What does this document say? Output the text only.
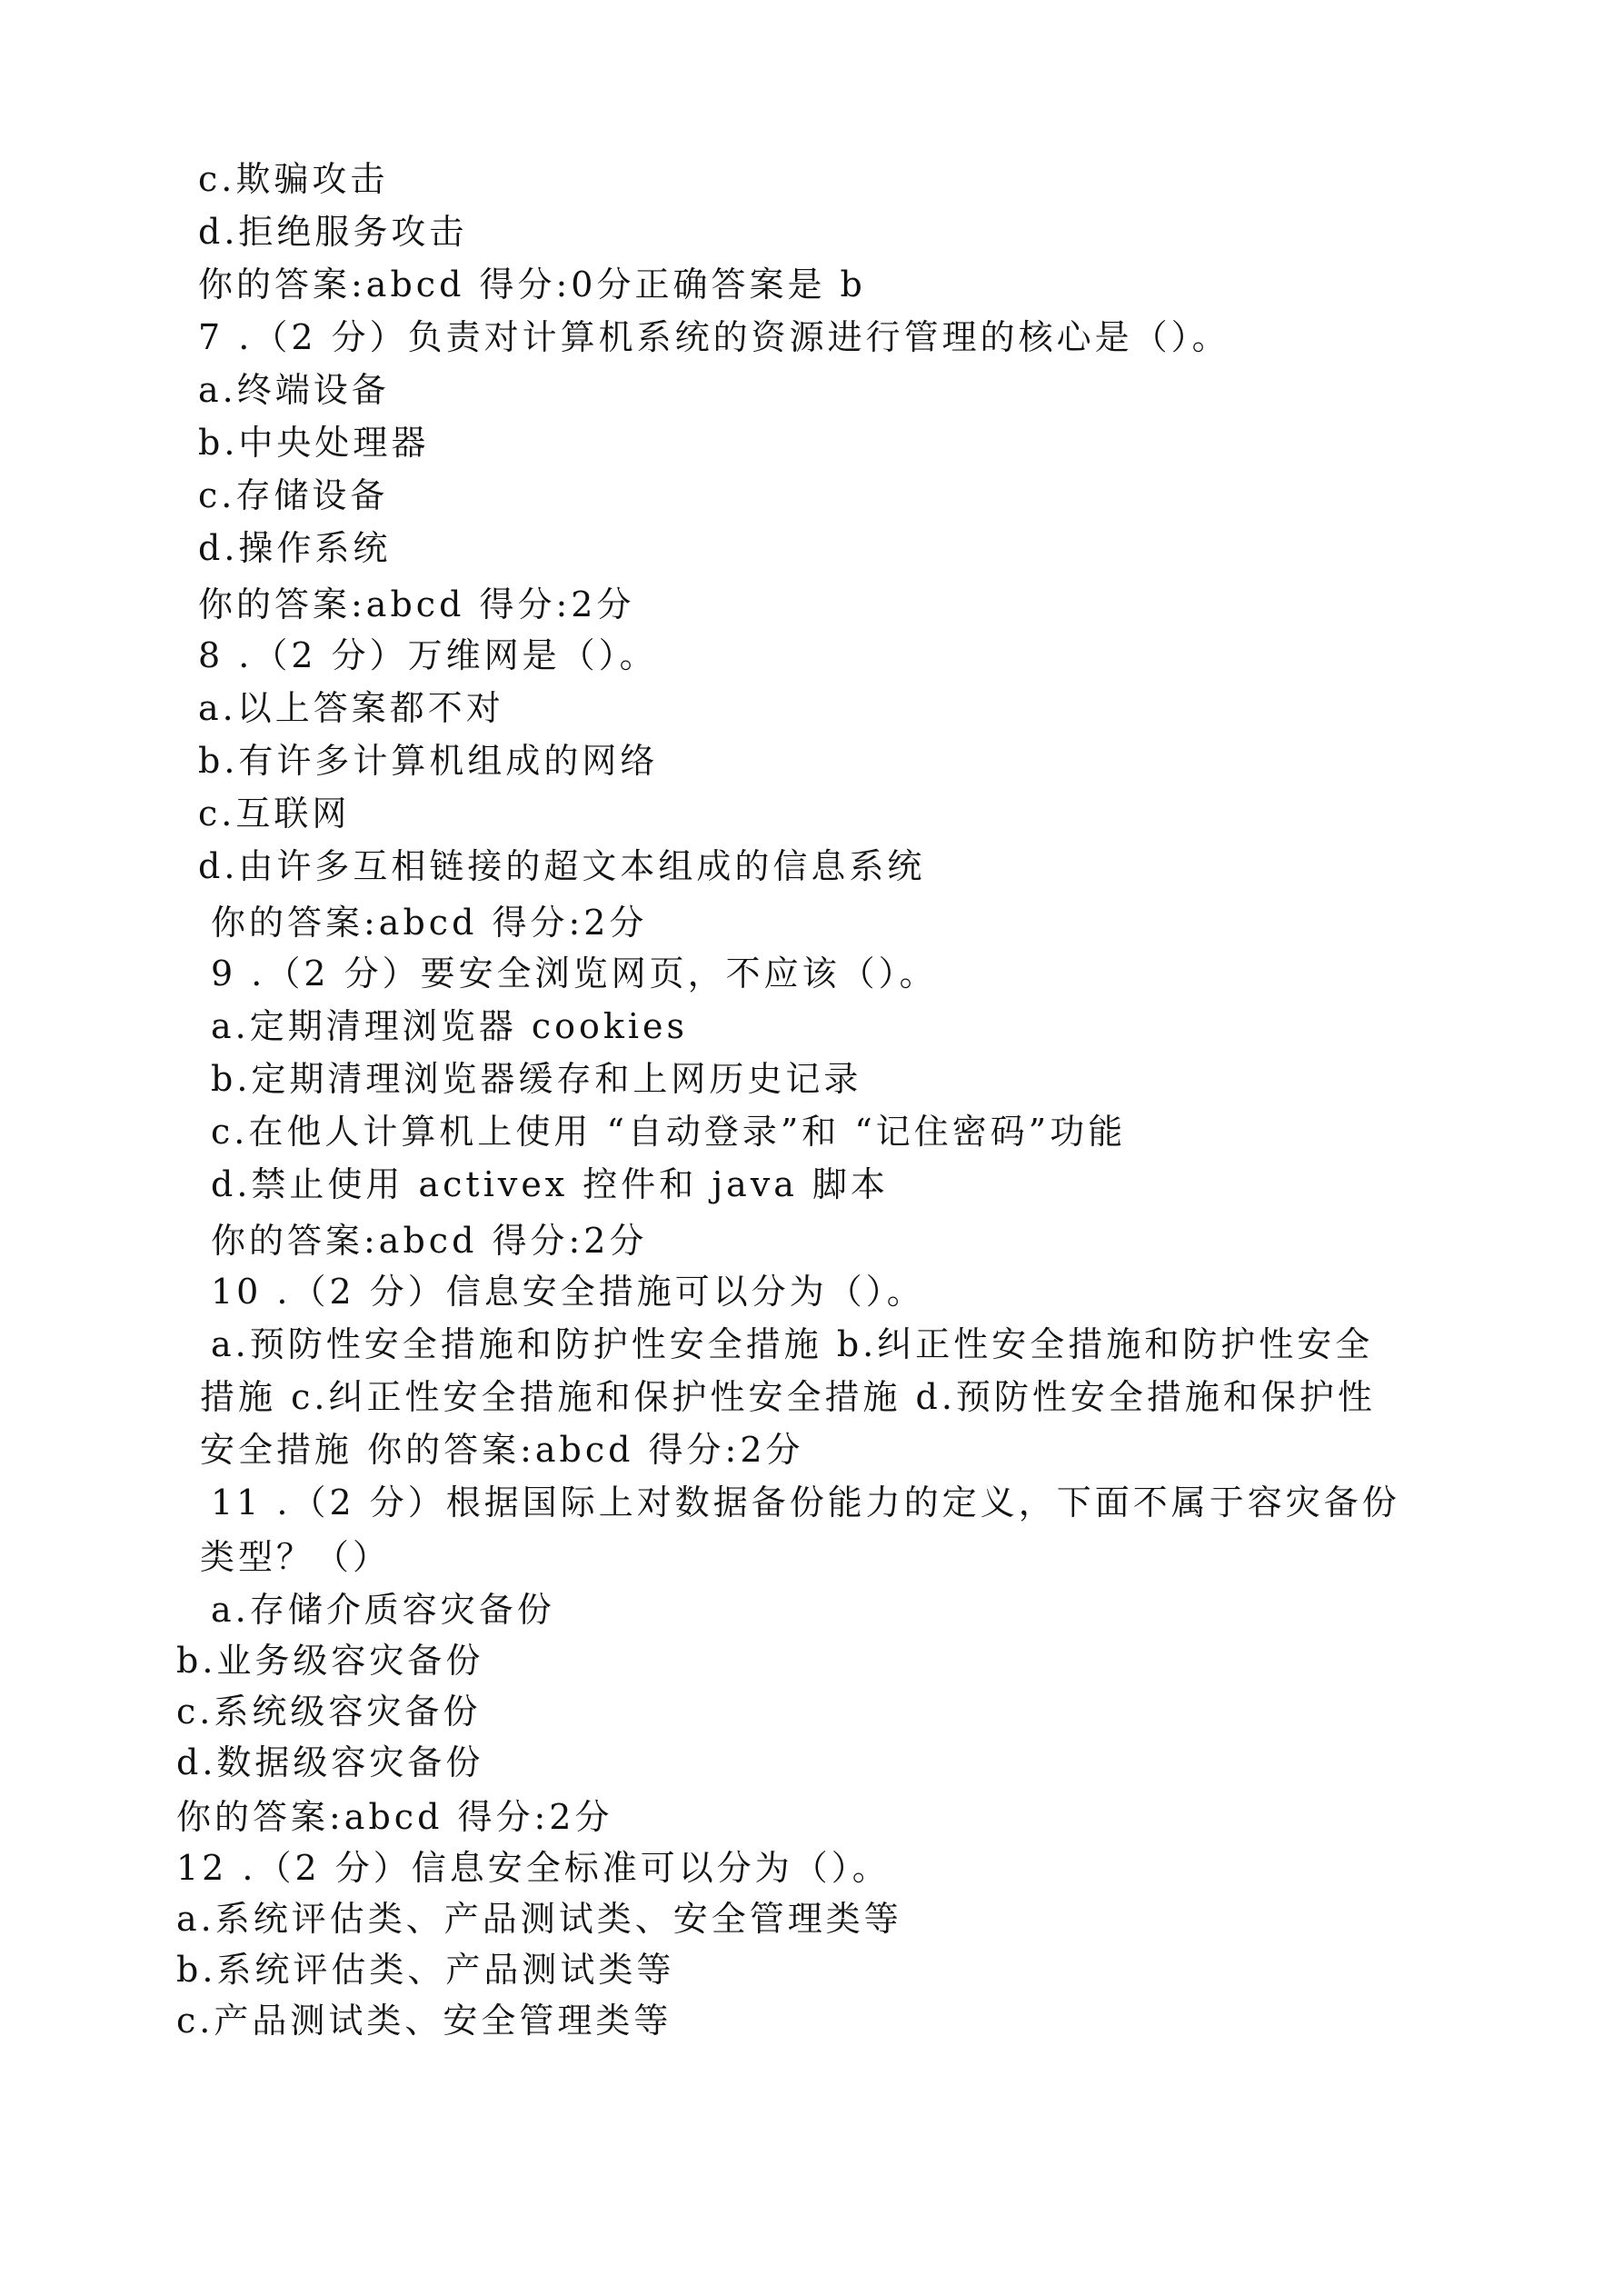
c.欺骗攻击
d.拒绝服务攻击
你的答案:abcd 得分:0分正确答案是 b
7 .（2 分）负责对计算机系统的资源进行管理的核心是（）。
a.终端设备
b.中央处理器
c.存储设备
d.操作系统
你的答案:abcd 得分:2分
8 .（2 分）万维网是（）。
a.以上答案都不对
b.有许多计算机组成的网络
c.互联网
d.由许多互相链接的超文本组成的信息系统
你的答案:abcd 得分:2分
9 .（2 分）要安全浏览网页，不应该（）。
a.定期清理浏览器 cookies
b.定期清理浏览器缓存和上网历史记录
c.在他人计算机上使用 “自动登录”和 “记住密码”功能
d.禁止使用 activex 控件和 java 脚本
你的答案:abcd 得分:2分
10 .（2 分）信息安全措施可以分为（）。
a.预防性安全措施和防护性安全措施 b.纠正性安全措施和防护性安全
措施 c.纠正性安全措施和保护性安全措施 d.预防性安全措施和保护性
安全措施 你的答案:abcd 得分:2分
11 .（2 分）根据国际上对数据备份能力的定义，下面不属于容灾备份
类型？（）
a.存储介质容灾备份
b.业务级容灾备份
c.系统级容灾备份
d.数据级容灾备份
你的答案:abcd 得分:2分
12 .（2 分）信息安全标准可以分为（）。
a.系统评估类、产品测试类、安全管理类等
b.系统评估类、产品测试类等
c.产品测试类、安全管理类等
